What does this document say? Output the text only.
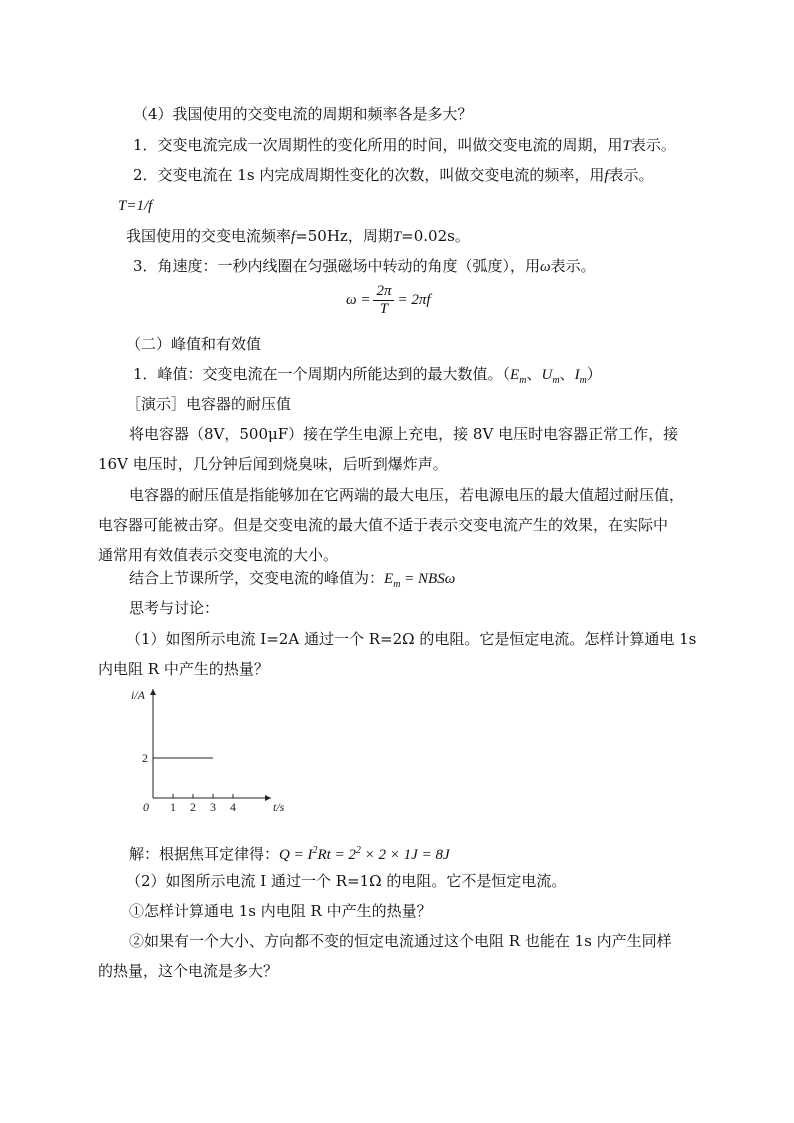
（4）我国使用的交变电流的周期和频率各是多大？
1．交变电流完成一次周期性的变化所用的时间，叫做交变电流的周期，用T表示。
2．交变电流在 1s 内完成周期性变化的次数，叫做交变电流的频率，用f表示。
T=1/f
我国使用的交变电流频率f=50Hz，周期T=0.02s。
3．角速度：一秒内线圈在匀强磁场中转动的角度（弧度），用ω表示。
$\omega = \frac{2\pi}{T} = 2\pi f$
（二）峰值和有效值
1．峰值：交变电流在一个周期内所能达到的最大数值。（$E_m$、$U_m$、$I_m$）
［演示］电容器的耐压值
将电容器（8V，500μF）接在学生电源上充电，接 8V 电压时电容器正常工作，接
16V 电压时，几分钟后闻到烧臭味，后听到爆炸声。
电容器的耐压值是指能够加在它两端的最大电压，若电源电压的最大值超过耐压值，
电容器可能被击穿。但是交变电流的最大值不适于表示交变电流产生的效果，在实际中
通常用有效值表示交变电流的大小。
结合上节课所学，交变电流的峰值为：$E_m = NBS\omega$
思考与讨论：
（1）如图所示电流 I=2A 通过一个 R=2Ω 的电阻。它是恒定电流。怎样计算通电 1s
内电阻 R 中产生的热量？
1 2 3 4
2
0
i/A
t/s
解：根据焦耳定律得：$Q = I^2Rt = 2^2 \times 2 \times 1J = 8J$
（2）如图所示电流 I 通过一个 R=1Ω 的电阻。它不是恒定电流。
①怎样计算通电 1s 内电阻 R 中产生的热量？
②如果有一个大小、方向都不变的恒定电流通过这个电阻 R 也能在 1s 内产生同样
的热量，这个电流是多大？
